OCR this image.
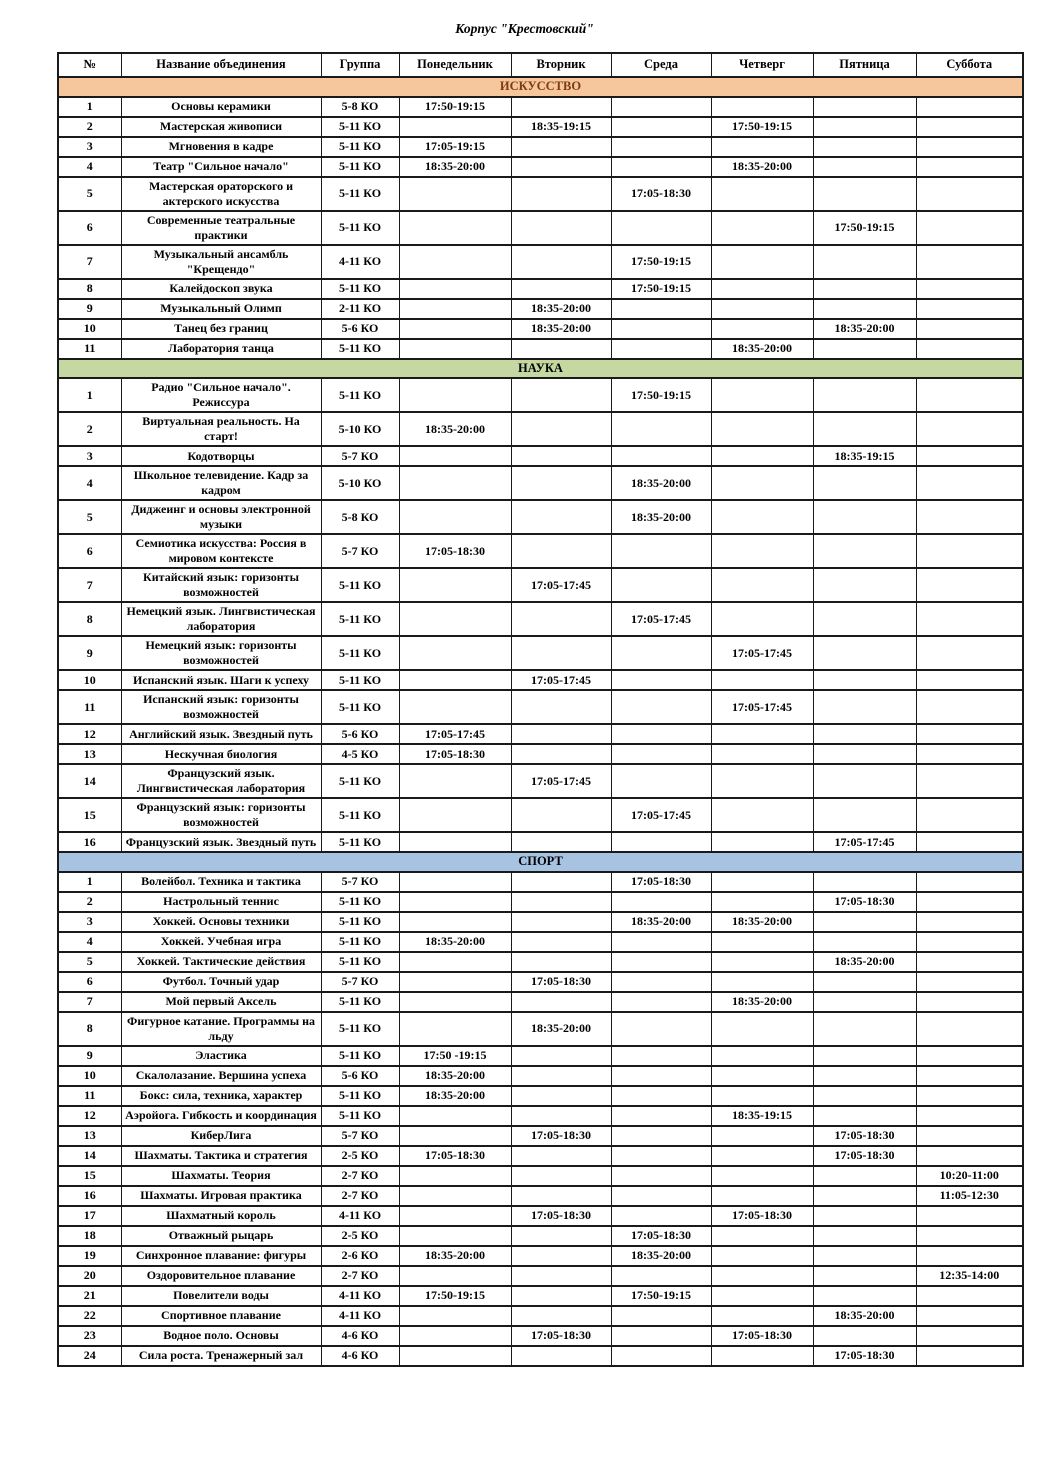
Корпус "Крестовский"
№	Название объединения	Группа	Понедельник	Вторник	Среда	Четверг	Пятница	Суббота
ИСКУССТВО								
1	Основы керамики	5-8 КО	17:50-19:15					
2	Мастерская живописи	5-11 КО		18:35-19:15		17:50-19:15		
3	Мгновения в кадре	5-11 КО	17:05-19:15					
4	Театр "Сильное начало"	5-11 КО	18:35-20:00			18:35-20:00		
5	Мастерская ораторского и актерского искусства	5-11 КО			17:05-18:30			
6	Современные театральные практики	5-11 КО					17:50-19:15	
7	Музыкальный ансамбль "Крещендо"	4-11 КО			17:50-19:15			
8	Калейдоскоп звука	5-11 КО			17:50-19:15			
9	Музыкальный Олимп	2-11 КО		18:35-20:00				
10	Танец без границ	5-6 КО		18:35-20:00			18:35-20:00	
11	Лаборатория танца	5-11 КО				18:35-20:00		
НАУКА								
1	Радио "Сильное начало". Режиссура	5-11 КО			17:50-19:15			
2	Виртуальная реальность. На старт!	5-10 КО	18:35-20:00					
3	Кодотворцы	5-7 КО					18:35-19:15	
4	Школьное телевидение. Кадр за кадром	5-10 КО			18:35-20:00			
5	Диджеинг и основы электронной музыки	5-8 КО			18:35-20:00			
6	Семиотика искусства: Россия в мировом контексте	5-7 КО	17:05-18:30					
7	Китайский язык: горизонты возможностей	5-11 КО		17:05-17:45				
8	Немецкий язык. Лингвистическая лаборатория	5-11 КО			17:05-17:45			
9	Немецкий язык: горизонты возможностей	5-11 КО				17:05-17:45		
10	Испанский язык. Шаги к успеху	5-11 КО		17:05-17:45				
11	Испанский язык: горизонты возможностей	5-11 КО				17:05-17:45		
12	Английский язык. Звездный путь	5-6 КО	17:05-17:45					
13	Нескучная биология	4-5 КО	17:05-18:30					
14	Французский язык. Лингвистическая лаборатория	5-11 КО		17:05-17:45				
15	Французский язык: горизонты возможностей	5-11 КО			17:05-17:45			
16	Французский язык. Звездный путь	5-11 КО					17:05-17:45	
СПОРТ								
1	Волейбол. Техника и тактика	5-7 КО			17:05-18:30			
2	Настрольный теннис	5-11 КО					17:05-18:30	
3	Хоккей. Основы техники	5-11 КО			18:35-20:00	18:35-20:00		
4	Хоккей. Учебная игра	5-11 КО	18:35-20:00					
5	Хоккей. Тактические действия	5-11 КО					18:35-20:00	
6	Футбол. Точный удар	5-7 КО		17:05-18:30				
7	Мой первый Аксель	5-11 КО				18:35-20:00		
8	Фигурное катание. Программы на льду	5-11 КО		18:35-20:00				
9	Эластика	5-11 КО	17:50 -19:15					
10	Скалолазание. Вершина успеха	5-6 КО	18:35-20:00					
11	Бокс: сила, техника, характер	5-11 КО	18:35-20:00					
12	Аэройога. Гибкость и координация	5-11 КО				18:35-19:15		
13	КиберЛига	5-7 КО		17:05-18:30			17:05-18:30	
14	Шахматы. Тактика и стратегия	2-5 КО	17:05-18:30				17:05-18:30	
15	Шахматы. Теория	2-7 КО						10:20-11:00
16	Шахматы. Игровая практика	2-7 КО						11:05-12:30
17	Шахматный король	4-11 КО		17:05-18:30		17:05-18:30		
18	Отважный рыцарь	2-5 КО			17:05-18:30			
19	Синхронное плавание: фигуры	2-6 КО	18:35-20:00		18:35-20:00			
20	Оздоровительное плавание	2-7 КО						12:35-14:00
21	Повелители воды	4-11 КО	17:50-19:15		17:50-19:15			
22	Спортивное плавание	4-11 КО					18:35-20:00	
23	Водное поло. Основы	4-6 КО		17:05-18:30		17:05-18:30		
24	Сила роста. Тренажерный зал	4-6 КО					17:05-18:30	
